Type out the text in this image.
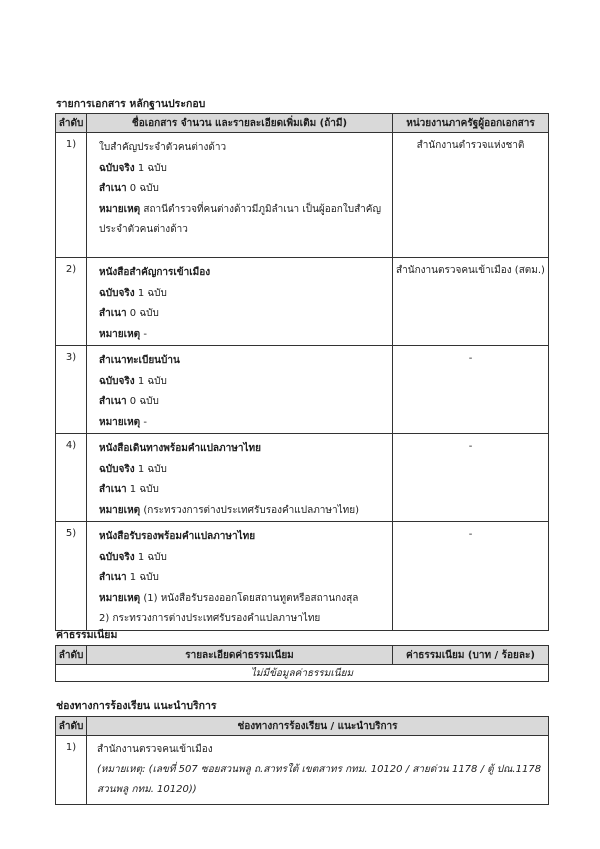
รายการเอกสาร หลักฐานประกอบ
ลำดับ	ชื่อเอกสาร จำนวน และรายละเอียดเพิ่มเติม (ถ้ามี)	หน่วยงานภาครัฐผู้ออกเอกสาร
1)	ใบสำคัญประจำตัวคนต่างด้าว
ฉบับจริง 1 ฉบับ
สำเนา 0 ฉบับ
หมายเหตุ สถานีตำรวจที่คนต่างด้าวมีภูมิลำเนา เป็นผู้ออกใบสำคัญ
ประจำตัวคนต่างด้าว	สำนักงานตำรวจแห่งชาติ
2)	หนังสือสำคัญการเข้าเมือง
ฉบับจริง 1 ฉบับ
สำเนา 0 ฉบับ
หมายเหตุ -	สำนักงานตรวจคนเข้าเมือง (สตม.)
3)	สำเนาทะเบียนบ้าน
ฉบับจริง 1 ฉบับ
สำเนา 0 ฉบับ
หมายเหตุ -	-
4)	หนังสือเดินทางพร้อมคำแปลภาษาไทย
ฉบับจริง 1 ฉบับ
สำเนา 1 ฉบับ
หมายเหตุ (กระทรวงการต่างประเทศรับรองคำแปลภาษาไทย)	-
5)	หนังสือรับรองพร้อมคำแปลภาษาไทย
ฉบับจริง 1 ฉบับ
สำเนา 1 ฉบับ
หมายเหตุ (1) หนังสือรับรองออกโดยสถานทูตหรือสถานกงสุล
2) กระทรวงการต่างประเทศรับรองคำแปลภาษาไทย	-
ค่าธรรมเนียม
ลำดับ	รายละเอียดค่าธรรมเนียม	ค่าธรรมเนียม (บาท / ร้อยละ)
ไม่มีข้อมูลค่าธรรมเนียม
ช่องทางการร้องเรียน แนะนำบริการ
ลำดับ	ช่องทางการร้องเรียน / แนะนำบริการ
1)	สำนักงานตรวจคนเข้าเมือง
(หมายเหตุ: (เลขที่ 507 ซอยสวนพลู ถ.สาทรใต้ เขตสาทร กทม. 10120 / สายด่วน 1178 / ตู้ ปณ.1178
สวนพลู กทม. 10120))
